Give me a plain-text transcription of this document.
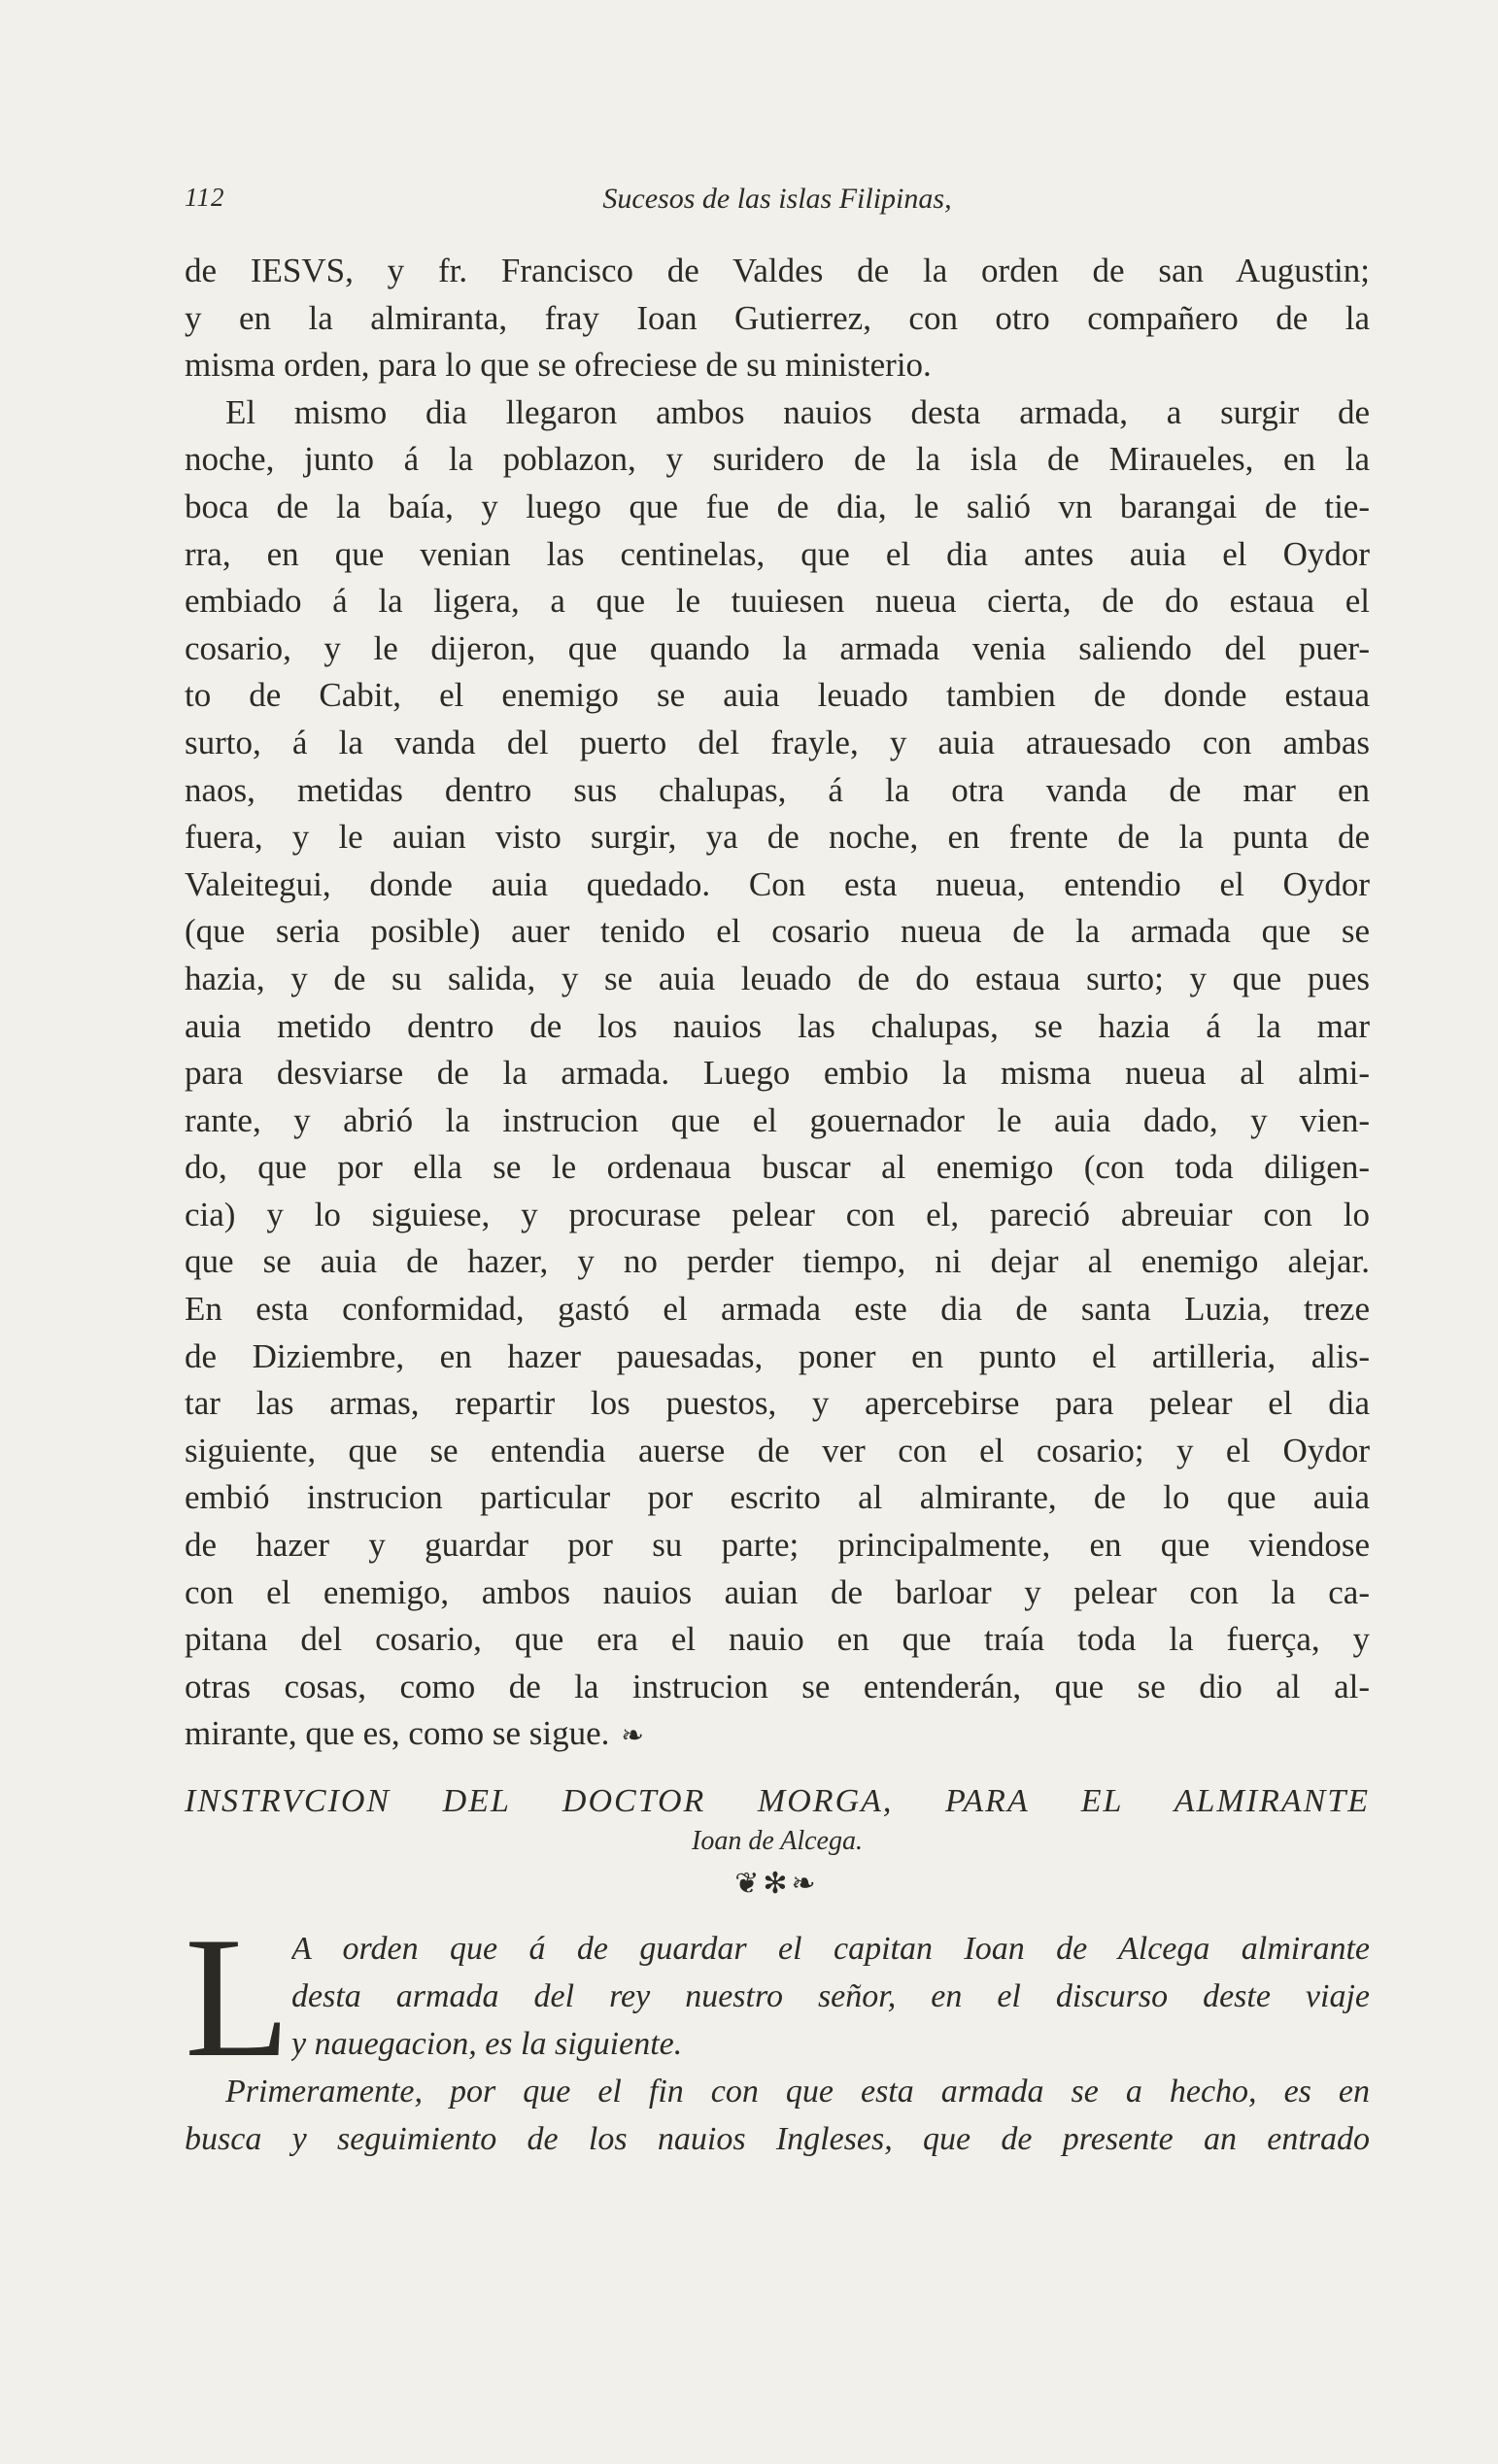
112	Sucesos de las islas Filipinas,
de IESVS, y fr. Francisco de Valdes de la orden de san Augustin;
y en la almiranta, fray Ioan Gutierrez, con otro compañero de la
misma orden, para lo que se ofreciese de su ministerio.
El mismo dia llegaron ambos nauios desta armada, a surgir de
noche, junto á la poblazon, y suridero de la isla de Miraueles, en la
boca de la baía, y luego que fue de dia, le salió vn barangai de tie-
rra, en que venian las centinelas, que el dia antes auia el Oydor
embiado á la ligera, a que le tuuiesen nueua cierta, de do estaua el
cosario, y le dijeron, que quando la armada venia saliendo del puer-
to de Cabit, el enemigo se auia leuado tambien de donde estaua
surto, á la vanda del puerto del frayle, y auia atrauesado con ambas
naos, metidas dentro sus chalupas, á la otra vanda de mar en
fuera, y le auian visto surgir, ya de noche, en frente de la punta de
Valeitegui, donde auia quedado. Con esta nueua, entendio el Oydor
(que seria posible) auer tenido el cosario nueua de la armada que se
hazia, y de su salida, y se auia leuado de do estaua surto; y que pues
auia metido dentro de los nauios las chalupas, se hazia á la mar
para desviarse de la armada. Luego embio la misma nueua al almi-
rante, y abrió la instrucion que el gouernador le auia dado, y vien-
do, que por ella se le ordenaua buscar al enemigo (con toda diligen-
cia) y lo siguiese, y procurase pelear con el, pareció abreuiar con lo
que se auia de hazer, y no perder tiempo, ni dejar al enemigo alejar.
En esta conformidad, gastó el armada este dia de santa Luzia, treze
de Diziembre, en hazer pauesadas, poner en punto el artilleria, alis-
tar las armas, repartir los puestos, y apercebirse para pelear el dia
siguiente, que se entendia auerse de ver con el cosario; y el Oydor
embió instrucion particular por escrito al almirante, de lo que auia
de hazer y guardar por su parte; principalmente, en que viendose
con el enemigo, ambos nauios auian de barloar y pelear con la ca-
pitana del cosario, que era el nauio en que traía toda la fuerça, y
otras cosas, como de la instrucion se entenderán, que se dio al al-
mirante, que es, como se sigue. ❧
INSTRVCION DEL DOCTOR MORGA, PARA EL ALMIRANTE
Ioan de Alcega.
❦✻❧
L A orden que á de guardar el capitan Ioan de Alcega almirante
desta armada del rey nuestro señor, en el discurso deste viaje
y nauegacion, es la siguiente.
Primeramente, por que el fin con que esta armada se a hecho, es en
busca y seguimiento de los nauios Ingleses, que de presente an entrado
